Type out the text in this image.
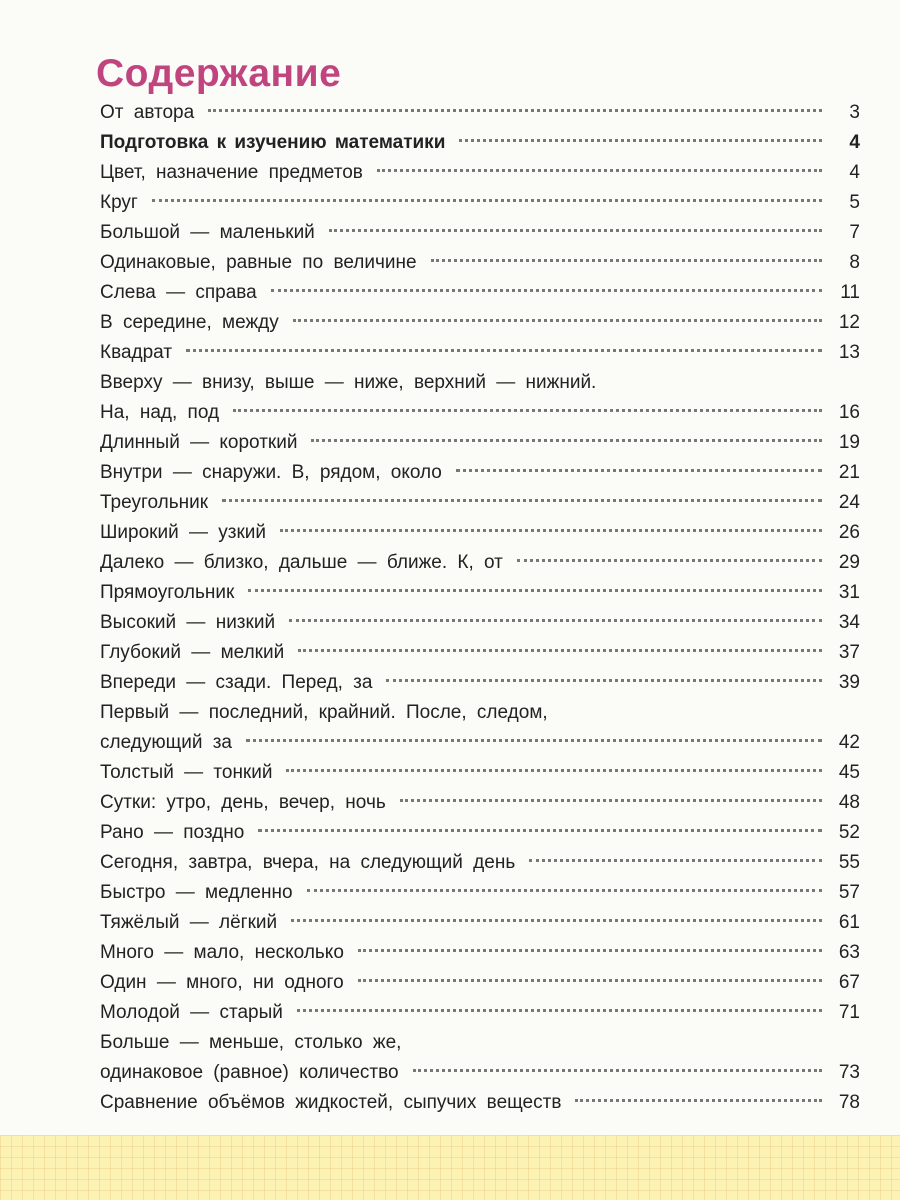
Содержание
От автора	3
Подготовка к изучению математики	4
Цвет, назначение предметов	4
Круг	5
Большой — маленький	7
Одинаковые, равные по величине	8
Слева — справа	11
В середине, между	12
Квадрат	13
Вверху — внизу, выше — ниже, верхний — нижний.
На, над, под	16
Длинный — короткий	19
Внутри — снаружи. В, рядом, около	21
Треугольник	24
Широкий — узкий	26
Далеко — близко, дальше — ближе. К, от	29
Прямоугольник	31
Высокий — низкий	34
Глубокий — мелкий	37
Впереди — сзади. Перед, за	39
Первый — последний, крайний. После, следом,
следующий за	42
Толстый — тонкий	45
Сутки: утро, день, вечер, ночь	48
Рано — поздно	52
Сегодня, завтра, вчера, на следующий день	55
Быстро — медленно	57
Тяжёлый — лёгкий	61
Много — мало, несколько	63
Один — много, ни одного	67
Молодой — старый	71
Больше — меньше, столько же,
одинаковое (равное) количество	73
Сравнение объёмов жидкостей, сыпучих веществ	78
